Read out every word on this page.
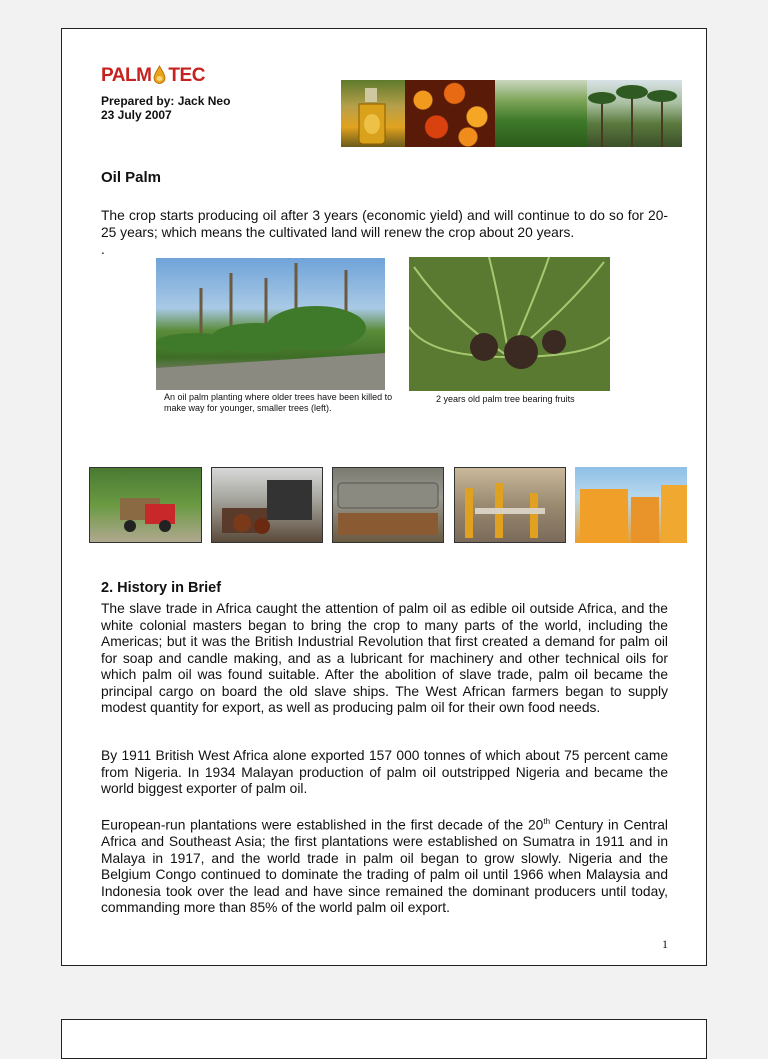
PALM TEC
Prepared by: Jack Neo
23 July 2007
Oil Palm
The crop starts producing oil after 3 years (economic yield) and will continue to do so for 20-25 years; which means the cultivated land will renew the crop about 20 years.
.
An oil palm planting where older trees have been killed to make way for younger, smaller trees (left).
2 years old palm tree bearing fruits
2. History in Brief
The slave trade in Africa caught the attention of palm oil as edible oil outside Africa, and the white colonial masters began to bring the crop to many parts of the world, including the Americas; but it was the British Industrial Revolution that first created a demand for palm oil for soap and candle making, and as a lubricant for machinery and other technical oils for which palm oil was found suitable. After the abolition of slave trade, palm oil became the principal cargo on board the old slave ships. The West African farmers began to supply modest quantity for export, as well as producing palm oil for their own food needs.
By 1911 British West Africa alone exported 157 000 tonnes of which about 75 percent came from Nigeria. In 1934 Malayan production of palm oil outstripped Nigeria and became the world biggest exporter of palm oil.
European-run plantations were established in the first decade of the 20th Century in Central Africa and Southeast Asia; the first plantations were established on Sumatra in 1911 and in Malaya in 1917, and the world trade in palm oil began to grow slowly. Nigeria and the Belgium Congo continued to dominate the trading of palm oil until 1966 when Malaysia and Indonesia took over the lead and have since remained the dominant producers until today, commanding more than 85% of the world palm oil export.
1
